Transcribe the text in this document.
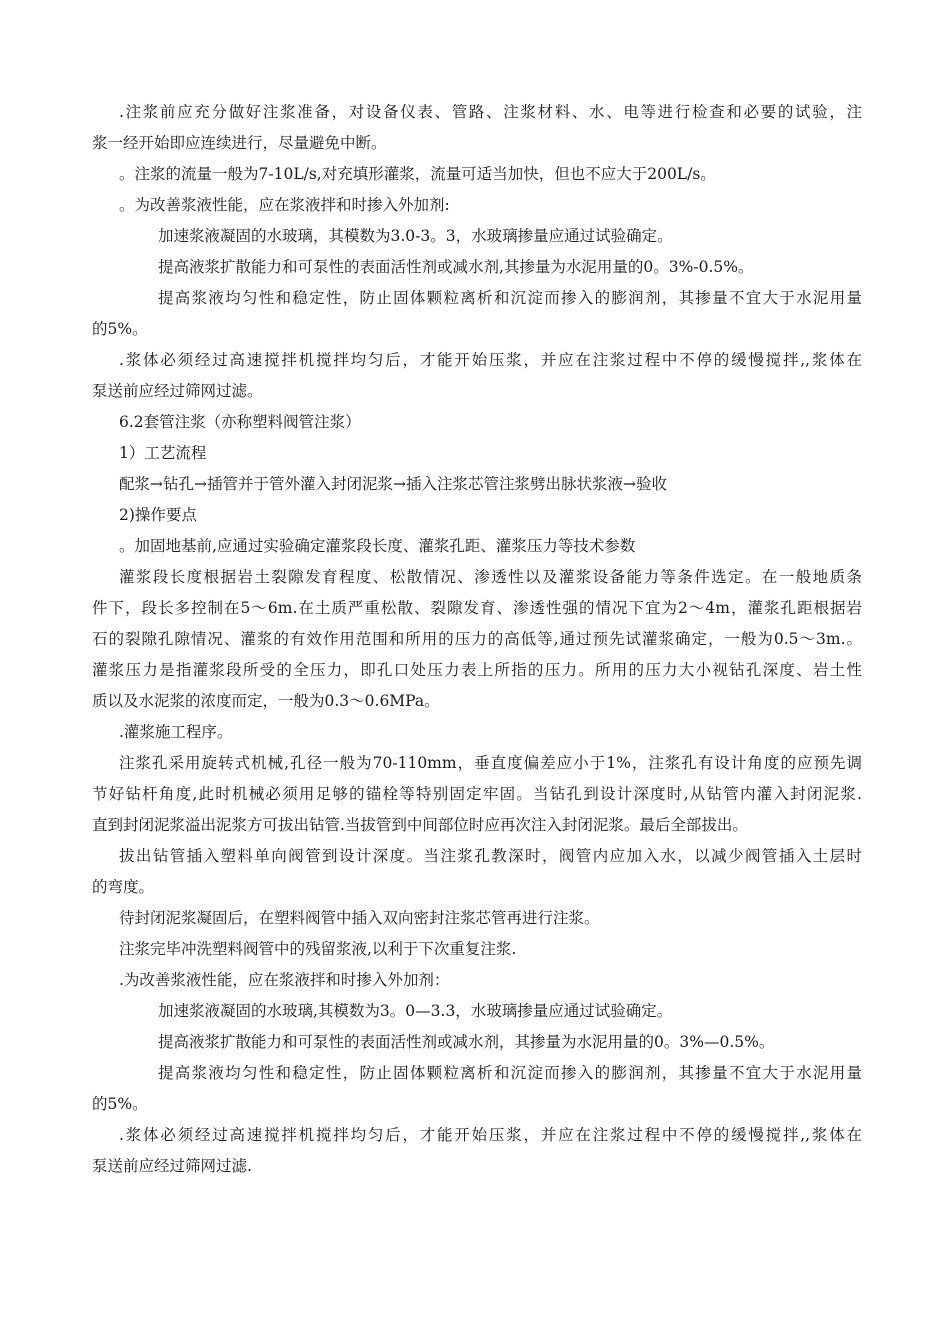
.注浆前应充分做好注浆准备，对设备仪表、管路、注浆材料、水、电等进行检查和必要的试验，注
浆一经开始即应连续进行，尽量避免中断。
。注浆的流量一般为7-10L/s,对充填形灌浆，流量可适当加快，但也不应大于200L/s。
。为改善浆液性能，应在浆液拌和时掺入外加剂:
加速浆液凝固的水玻璃，其模数为3.0-3。3，水玻璃掺量应通过试验确定。
提高液浆扩散能力和可泵性的表面活性剂或减水剂,其掺量为水泥用量的0。3%-0.5%。
提高浆液均匀性和稳定性，防止固体颗粒离析和沉淀而掺入的膨润剂，其掺量不宜大于水泥用量
的5%。
.浆体必须经过高速搅拌机搅拌均匀后，才能开始压浆，并应在注浆过程中不停的缓慢搅拌,,浆体在
泵送前应经过筛网过滤。
6.2套管注浆（亦称塑料阀管注浆）
1）工艺流程
配浆→钻孔→插管并于管外灌入封闭泥浆→插入注浆芯管注浆劈出脉状浆液→验收
2)操作要点
。加固地基前,应通过实验确定灌浆段长度、灌浆孔距、灌浆压力等技术参数
灌浆段长度根据岩土裂隙发育程度、松散情况、渗透性以及灌浆设备能力等条件选定。在一般地质条
件下，段长多控制在5～6m.在土质严重松散、裂隙发育、渗透性强的情况下宜为2～4m，灌浆孔距根据岩
石的裂隙孔隙情况、灌浆的有效作用范围和所用的压力的高低等,通过预先试灌浆确定，一般为0.5～3m.。
灌浆压力是指灌浆段所受的全压力，即孔口处压力表上所指的压力。所用的压力大小视钻孔深度、岩土性
质以及水泥浆的浓度而定，一般为0.3～0.6MPa。
.灌浆施工程序。
注浆孔采用旋转式机械,孔径一般为70-110mm，垂直度偏差应小于1%，注浆孔有设计角度的应预先调
节好钻杆角度,此时机械必须用足够的锚栓等特别固定牢固。当钻孔到设计深度时,从钻管内灌入封闭泥浆.
直到封闭泥浆溢出泥浆方可拔出钻管.当拔管到中间部位时应再次注入封闭泥浆。最后全部拔出。
拔出钻管插入塑料单向阀管到设计深度。当注浆孔教深时，阀管内应加入水，以减少阀管插入土层时
的弯度。
待封闭泥浆凝固后，在塑料阀管中插入双向密封注浆芯管再进行注浆。
注浆完毕冲洗塑料阀管中的残留浆液,以利于下次重复注浆.
.为改善浆液性能，应在浆液拌和时掺入外加剂：
加速浆液凝固的水玻璃,其模数为3。0—3.3，水玻璃掺量应通过试验确定。
提高液浆扩散能力和可泵性的表面活性剂或减水剂，其掺量为水泥用量的0。3%—0.5%。
提高浆液均匀性和稳定性，防止固体颗粒离析和沉淀而掺入的膨润剂，其掺量不宜大于水泥用量
的5%。
.浆体必须经过高速搅拌机搅拌均匀后，才能开始压浆，并应在注浆过程中不停的缓慢搅拌,,浆体在
泵送前应经过筛网过滤.
